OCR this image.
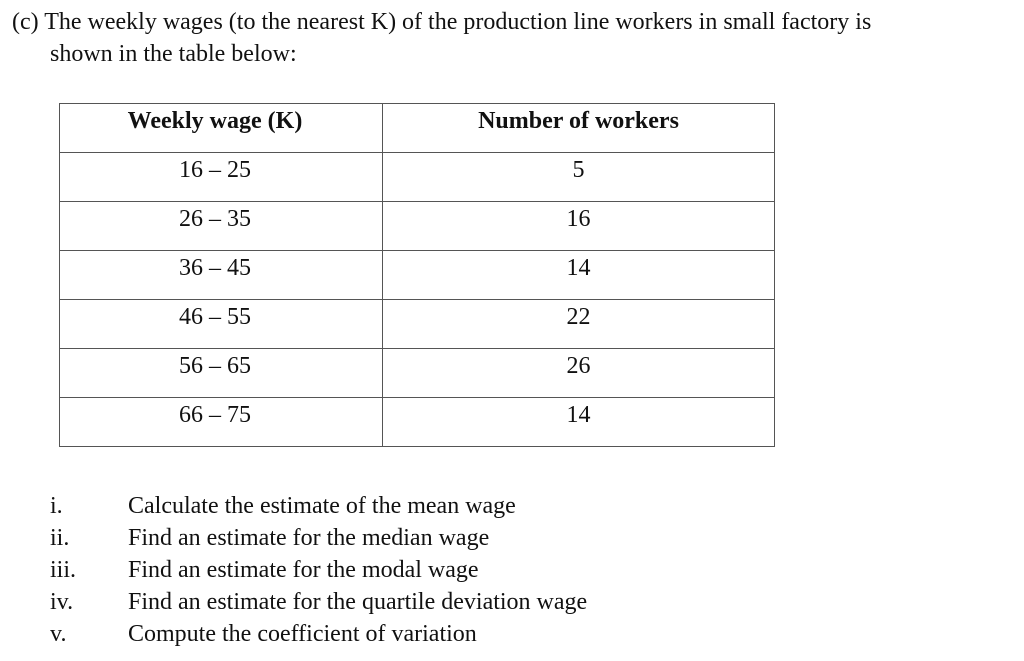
(c) The weekly wages (to the nearest K) of the production line workers in small factory is
shown in the table below:
Weekly wage (K)	Number of workers
16 – 25	5
26 – 35	16
36 – 45	14
46 – 55	22
56 – 65	26
66 – 75	14
i.	Calculate the estimate of the mean wage
ii. Find an estimate for the median wage
iii. Find an estimate for the modal wage
iv. Find an estimate for the quartile deviation wage
v.	Compute the coefficient of variation
